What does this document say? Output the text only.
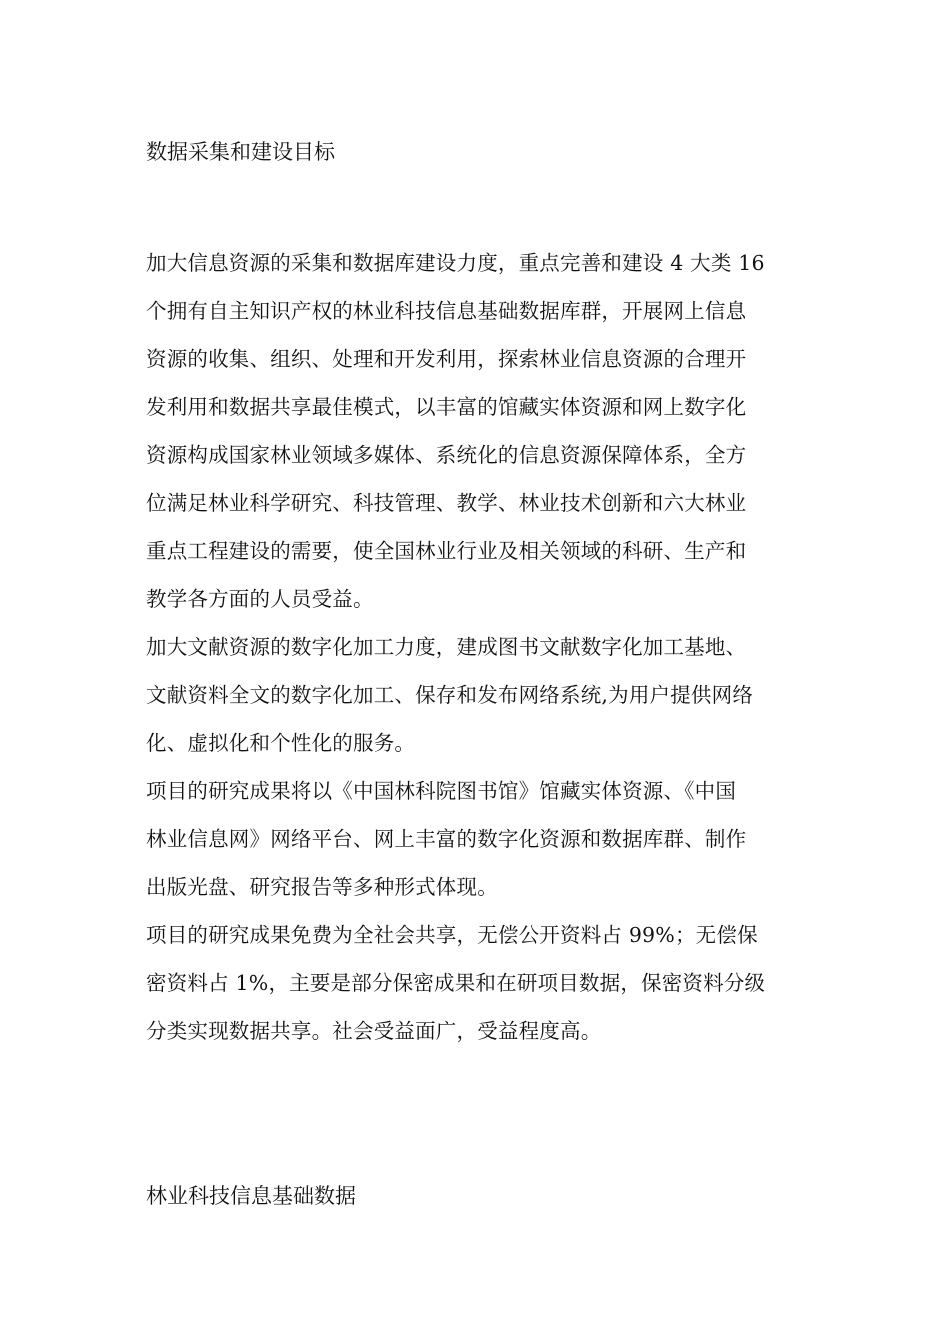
数据采集和建设目标
加大信息资源的采集和数据库建设力度，重点完善和建设 4 大类 16
个拥有自主知识产权的林业科技信息基础数据库群，开展网上信息
资源的收集、组织、处理和开发利用，探索林业信息资源的合理开
发利用和数据共享最佳模式，以丰富的馆藏实体资源和网上数字化
资源构成国家林业领域多媒体、系统化的信息资源保障体系，全方
位满足林业科学研究、科技管理、教学、林业技术创新和六大林业
重点工程建设的需要，使全国林业行业及相关领域的科研、生产和
教学各方面的人员受益。
加大文献资源的数字化加工力度，建成图书文献数字化加工基地、
文献资料全文的数字化加工、保存和发布网络系统,为用户提供网络
化、虚拟化和个性化的服务。
项目的研究成果将以《中国林科院图书馆》馆藏实体资源、《中国
林业信息网》网络平台、网上丰富的数字化资源和数据库群、制作
出版光盘、研究报告等多种形式体现。
项目的研究成果免费为全社会共享，无偿公开资料占 99%；无偿保
密资料占 1%，主要是部分保密成果和在研项目数据，保密资料分级
分类实现数据共享。社会受益面广，受益程度高。
林业科技信息基础数据
